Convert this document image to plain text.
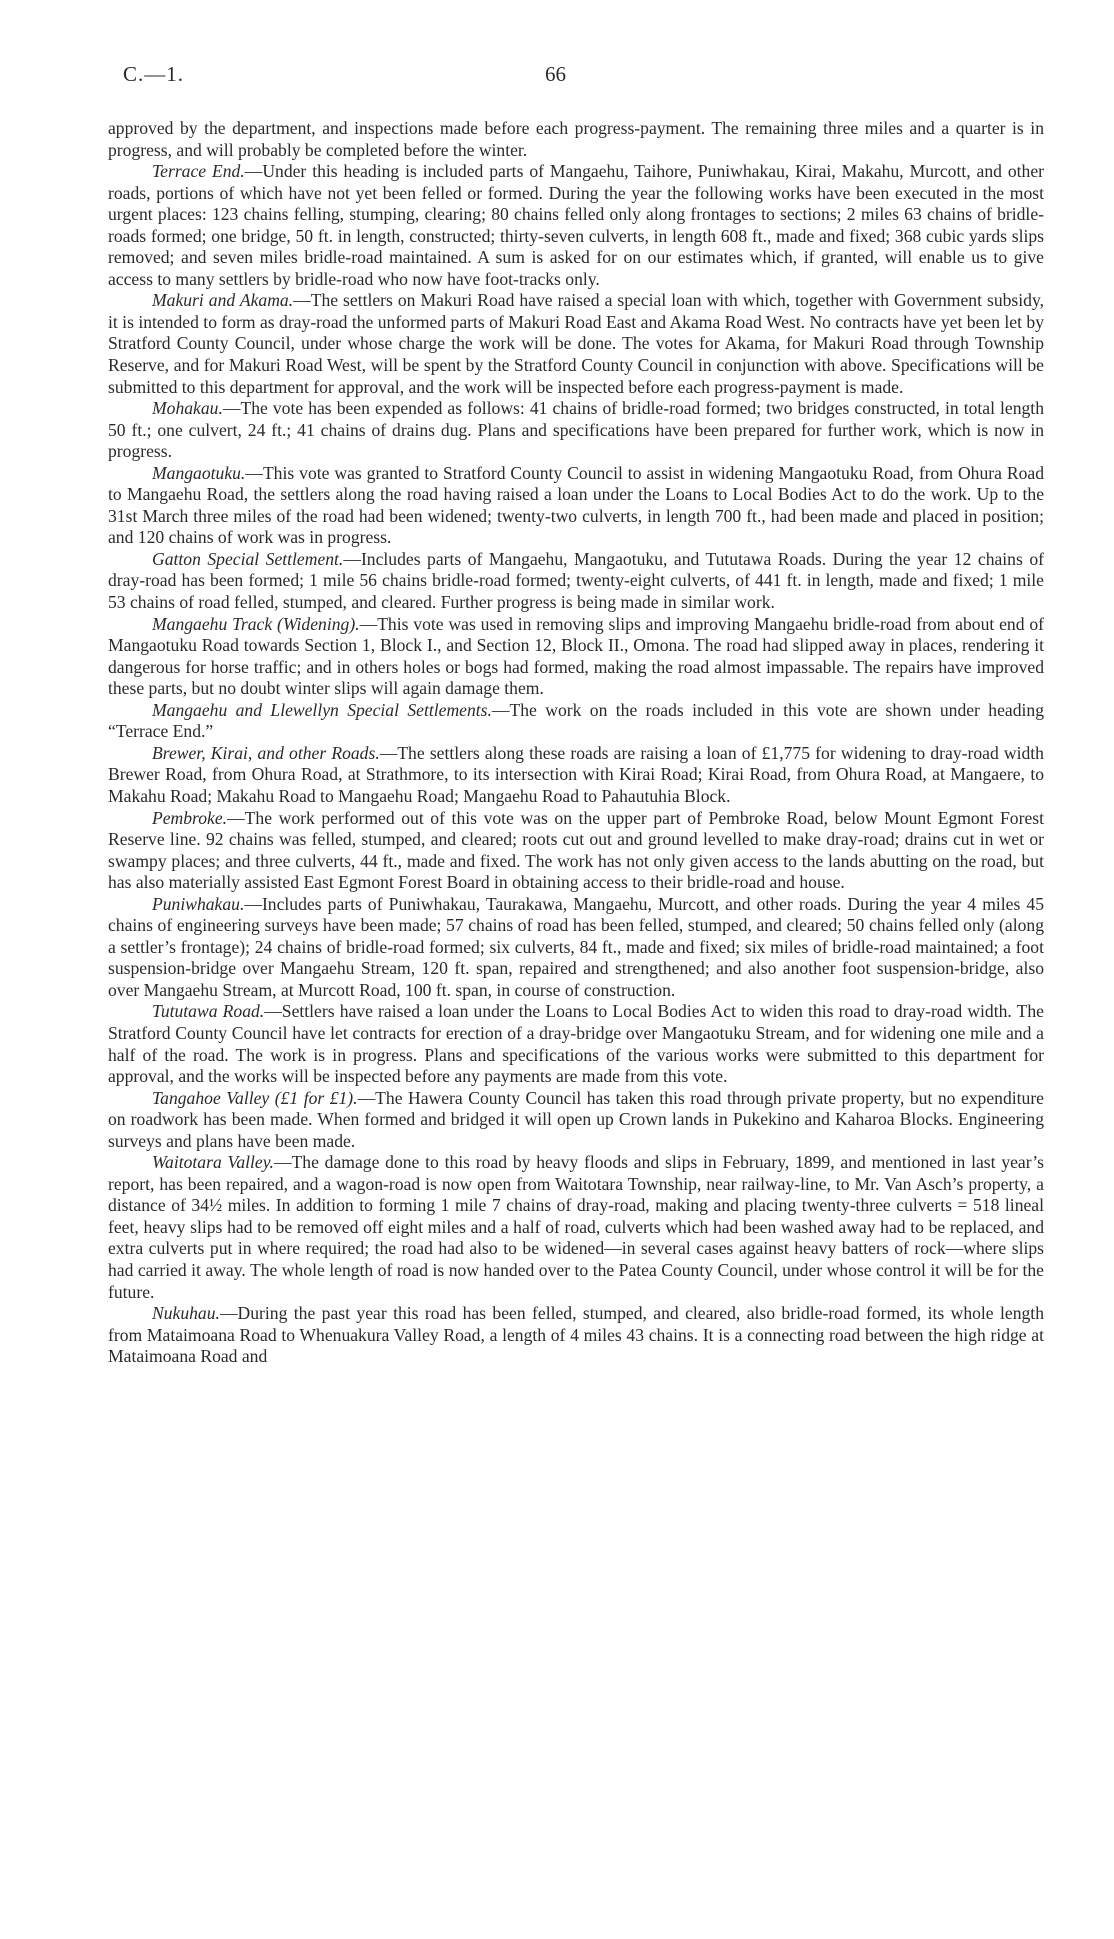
C.—1.	66

approved by the department, and inspections made before each progress-payment. The remaining three miles and a quarter is in progress, and will probably be completed before the winter.

Terrace End.—Under this heading is included parts of Mangaehu, Taihore, Puniwhakau, Kirai, Makahu, Murcott, and other roads, portions of which have not yet been felled or formed. During the year the following works have been executed in the most urgent places: 123 chains felling, stumping, clearing; 80 chains felled only along frontages to sections; 2 miles 63 chains of bridle-roads formed; one bridge, 50 ft. in length, constructed; thirty-seven culverts, in length 608 ft., made and fixed; 368 cubic yards slips removed; and seven miles bridle-road maintained. A sum is asked for on our estimates which, if granted, will enable us to give access to many settlers by bridle-road who now have foot-tracks only.

Makuri and Akama.—The settlers on Makuri Road have raised a special loan with which, together with Government subsidy, it is intended to form as dray-road the unformed parts of Makuri Road East and Akama Road West. No contracts have yet been let by Stratford County Council, under whose charge the work will be done. The votes for Akama, for Makuri Road through Township Reserve, and for Makuri Road West, will be spent by the Stratford County Council in conjunction with above. Specifications will be submitted to this department for approval, and the work will be inspected before each progress-payment is made.

Mohakau.—The vote has been expended as follows: 41 chains of bridle-road formed; two bridges constructed, in total length 50 ft.; one culvert, 24 ft.; 41 chains of drains dug. Plans and specifications have been prepared for further work, which is now in progress.

Mangaotuku.—This vote was granted to Stratford County Council to assist in widening Mangaotuku Road, from Ohura Road to Mangaehu Road, the settlers along the road having raised a loan under the Loans to Local Bodies Act to do the work. Up to the 31st March three miles of the road had been widened; twenty-two culverts, in length 700 ft., had been made and placed in position; and 120 chains of work was in progress.

Gatton Special Settlement.—Includes parts of Mangaehu, Mangaotuku, and Tututawa Roads. During the year 12 chains of dray-road has been formed; 1 mile 56 chains bridle-road formed; twenty-eight culverts, of 441 ft. in length, made and fixed; 1 mile 53 chains of road felled, stumped, and cleared. Further progress is being made in similar work.

Mangaehu Track (Widening).—This vote was used in removing slips and improving Mangaehu bridle-road from about end of Mangaotuku Road towards Section 1, Block I., and Section 12, Block II., Omona. The road had slipped away in places, rendering it dangerous for horse traffic; and in others holes or bogs had formed, making the road almost impassable. The repairs have improved these parts, but no doubt winter slips will again damage them.

Mangaehu and Llewellyn Special Settlements.—The work on the roads included in this vote are shown under heading “Terrace End.”

Brewer, Kirai, and other Roads.—The settlers along these roads are raising a loan of £1,775 for widening to dray-road width Brewer Road, from Ohura Road, at Strathmore, to its intersection with Kirai Road; Kirai Road, from Ohura Road, at Mangaere, to Makahu Road; Makahu Road to Mangaehu Road; Mangaehu Road to Pahautuhia Block.

Pembroke.—The work performed out of this vote was on the upper part of Pembroke Road, below Mount Egmont Forest Reserve line. 92 chains was felled, stumped, and cleared; roots cut out and ground levelled to make dray-road; drains cut in wet or swampy places; and three culverts, 44 ft., made and fixed. The work has not only given access to the lands abutting on the road, but has also materially assisted East Egmont Forest Board in obtaining access to their bridle-road and house.

Puniwhakau.—Includes parts of Puniwhakau, Taurakawa, Mangaehu, Murcott, and other roads. During the year 4 miles 45 chains of engineering surveys have been made; 57 chains of road has been felled, stumped, and cleared; 50 chains felled only (along a settler’s frontage); 24 chains of bridle-road formed; six culverts, 84 ft., made and fixed; six miles of bridle-road maintained; a foot suspension-bridge over Mangaehu Stream, 120 ft. span, repaired and strengthened; and also another foot suspension-bridge, also over Mangaehu Stream, at Murcott Road, 100 ft. span, in course of construction.

Tututawa Road.—Settlers have raised a loan under the Loans to Local Bodies Act to widen this road to dray-road width. The Stratford County Council have let contracts for erection of a dray-bridge over Mangaotuku Stream, and for widening one mile and a half of the road. The work is in progress. Plans and specifications of the various works were submitted to this department for approval, and the works will be inspected before any payments are made from this vote.

Tangahoe Valley (£1 for £1).—The Hawera County Council has taken this road through private property, but no expenditure on roadwork has been made. When formed and bridged it will open up Crown lands in Pukekino and Kaharoa Blocks. Engineering surveys and plans have been made.

Waitotara Valley.—The damage done to this road by heavy floods and slips in February, 1899, and mentioned in last year’s report, has been repaired, and a wagon-road is now open from Waitotara Township, near railway-line, to Mr. Van Asch’s property, a distance of 34½ miles. In addition to forming 1 mile 7 chains of dray-road, making and placing twenty-three culverts = 518 lineal feet, heavy slips had to be removed off eight miles and a half of road, culverts which had been washed away had to be replaced, and extra culverts put in where required; the road had also to be widened—in several cases against heavy batters of rock—where slips had carried it away. The whole length of road is now handed over to the Patea County Council, under whose control it will be for the future.

Nukuhau.—During the past year this road has been felled, stumped, and cleared, also bridle-road formed, its whole length from Mataimoana Road to Whenuakura Valley Road, a length of 4 miles 43 chains. It is a connecting road between the high ridge at Mataimoana Road and
